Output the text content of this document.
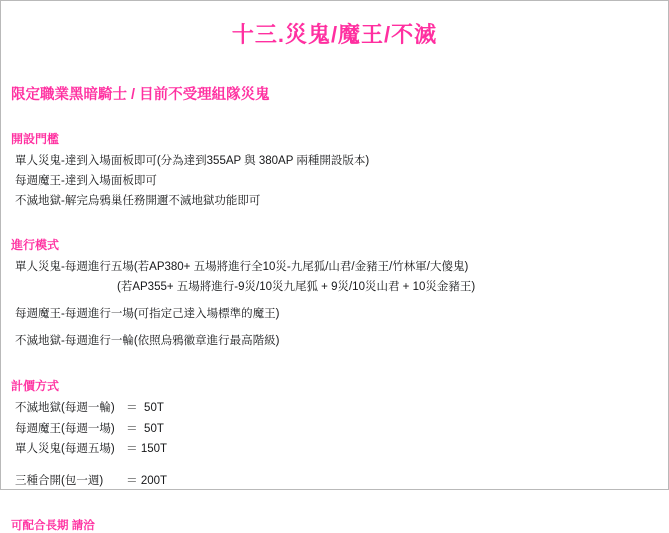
十三.災鬼/魔王/不滅
限定職業黑暗騎士 / 目前不受理組隊災鬼
開設門檻
單人災鬼-達到入場面板即可(分為達到355AP 與 380AP 兩種開設版本)
每週魔王-達到入場面板即可
不滅地獄-解完烏鴉巢任務開邇不滅地獄功能即可
進行模式
單人災鬼-每週進行五場(若AP380+ 五場將進行全10災-九尾狐/山君/金豬王/竹林軍/大傻鬼)
(若AP355+ 五場將進行-9災/10災九尾狐 + 9災/10災山君 + 10災金豬王)
每週魔王-每週進行一場(可指定己達入場標準的魔王)
不滅地獄-每週進行一輪(依照烏鴉徽章進行最高階級)
計價方式
不滅地獄(每週一輪)　＝  50T
每週魔王(每週一場)　＝  50T
單人災鬼(每週五場)　＝ 150T
三種合開(包一週)　　＝ 200T
可配合長期 請洽
